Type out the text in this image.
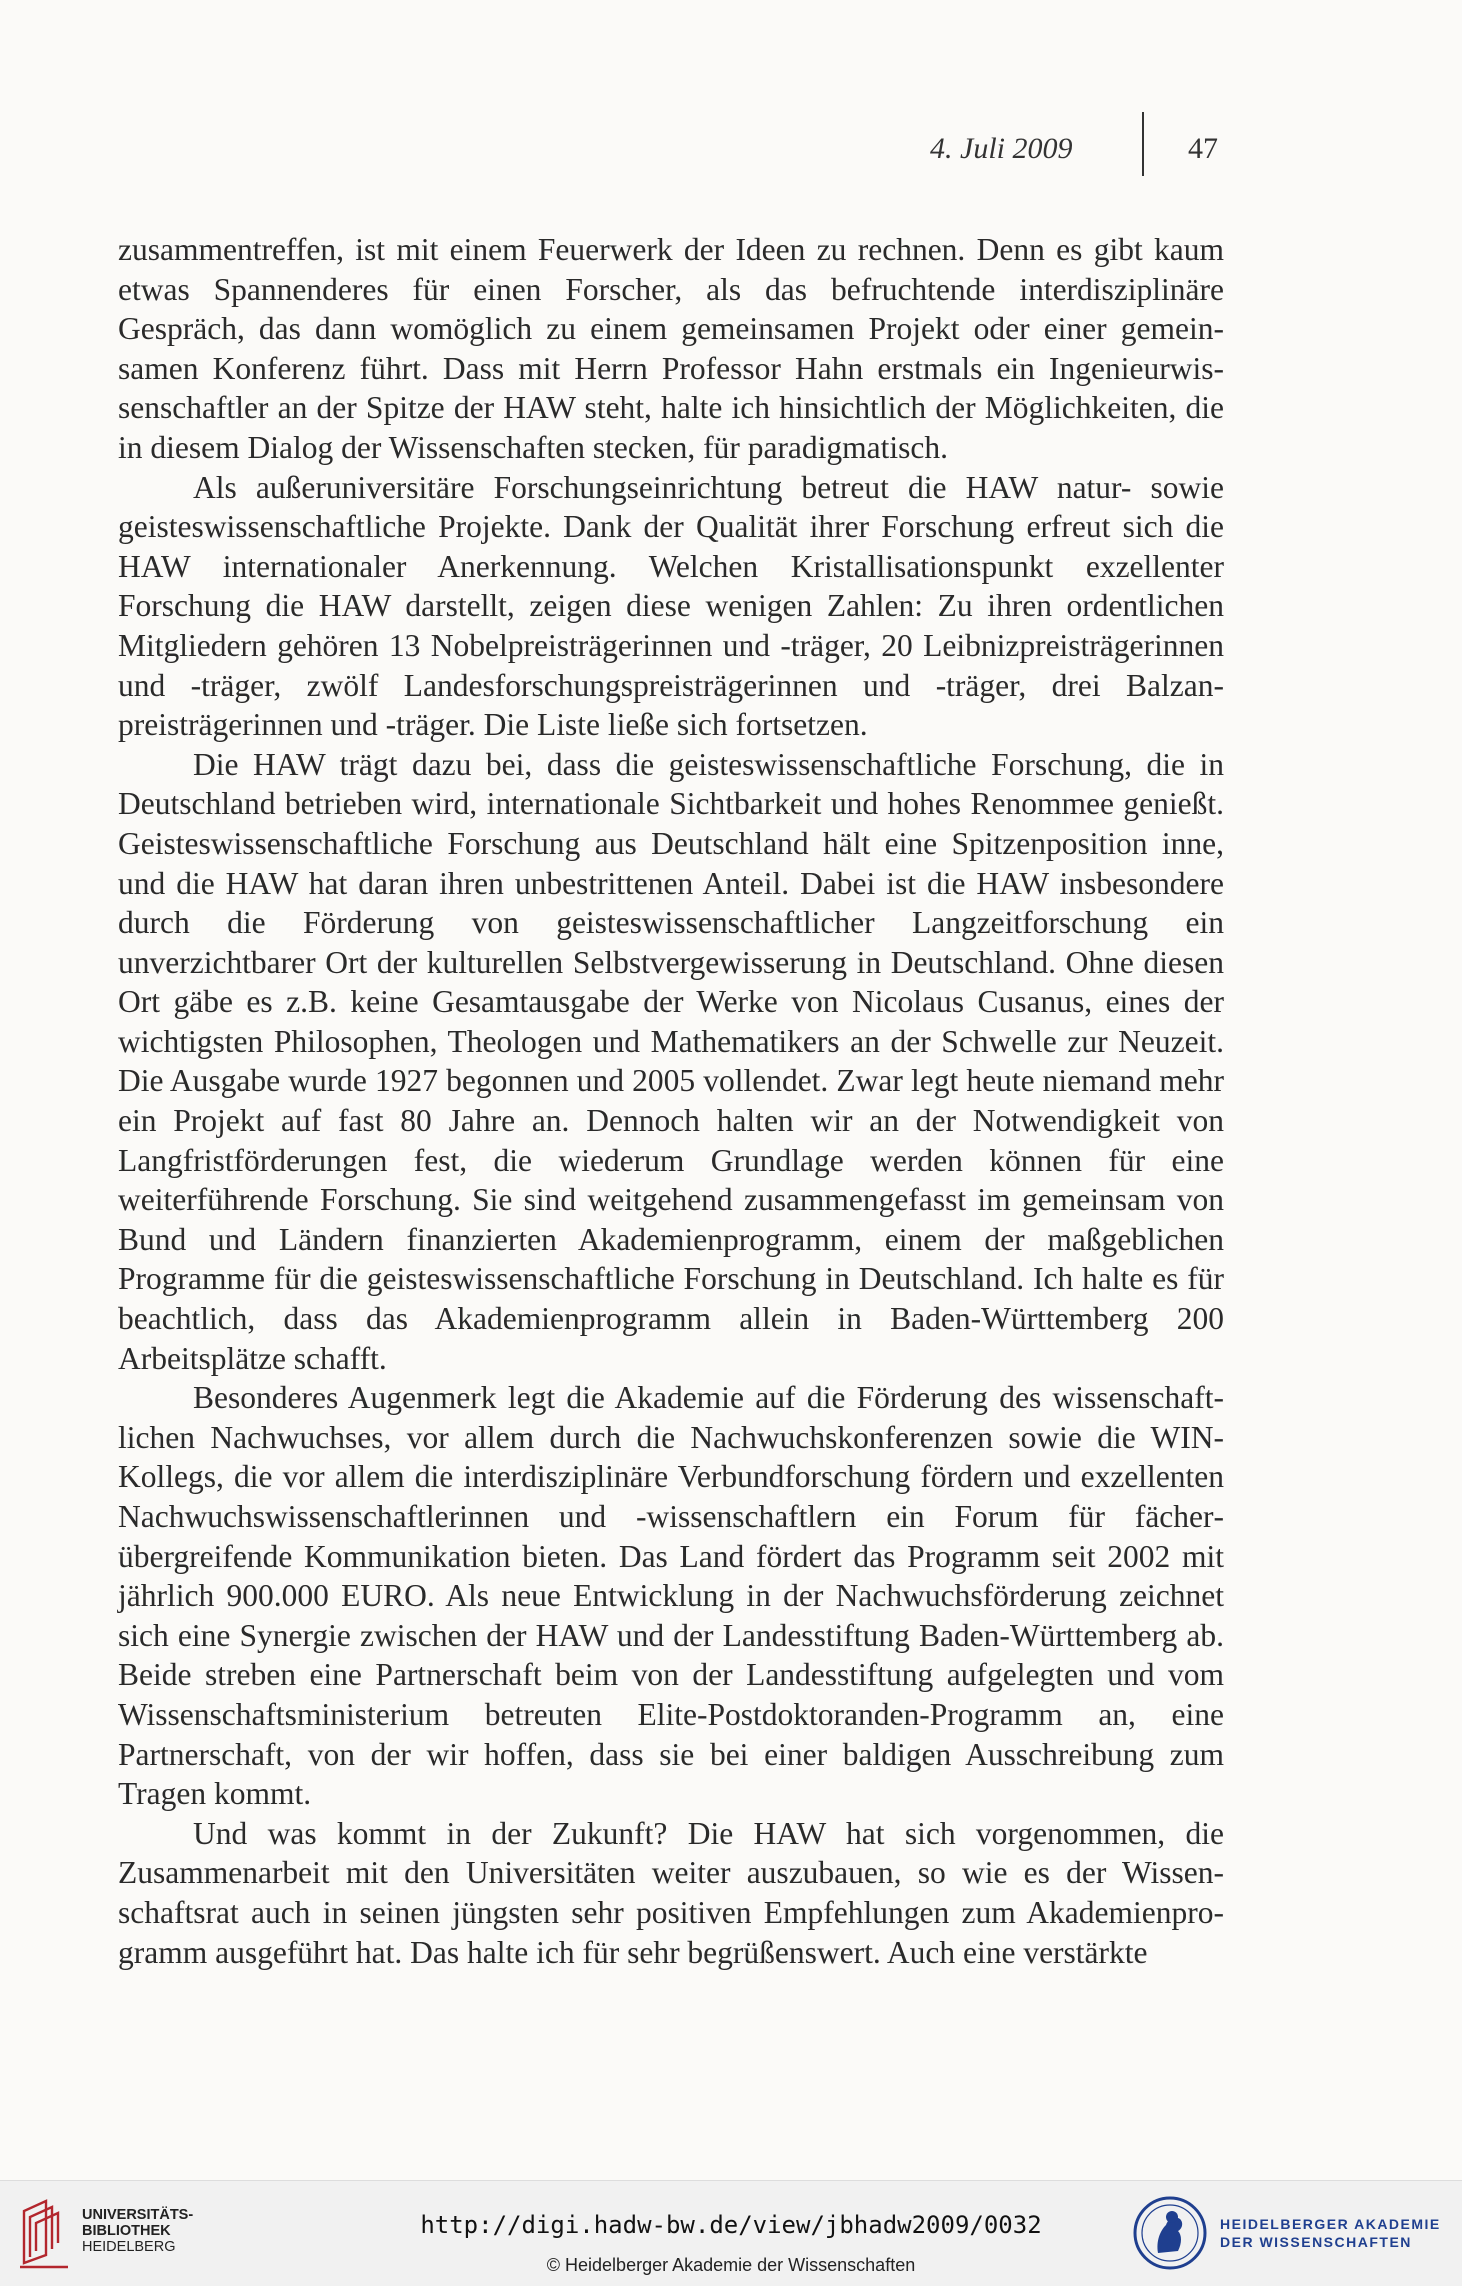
4. Juli 2009	47

zusammentreffen, ist mit einem Feuerwerk der Ideen zu rechnen. Denn es gibt kaum etwas Spannenderes für einen Forscher, als das befruchtende interdisziplinäre Gespräch, das dann womöglich zu einem gemeinsamen Projekt oder einer gemeinsamen Konferenz führt. Dass mit Herrn Professor Hahn erstmals ein Ingenieurwissenschaftler an der Spitze der HAW steht, halte ich hinsichtlich der Möglichkeiten, die in diesem Dialog der Wissenschaften stecken, für paradigmatisch.

Als außeruniversitäre Forschungseinrichtung betreut die HAW natur- sowie geisteswissenschaftliche Projekte. Dank der Qualität ihrer Forschung erfreut sich die HAW internationaler Anerkennung. Welchen Kristallisationspunkt exzellenter Forschung die HAW darstellt, zeigen diese wenigen Zahlen: Zu ihren ordentlichen Mitgliedern gehören 13 Nobelpreisträgerinnen und -träger, 20 Leibnizpreisträgerinnen und -träger, zwölf Landesforschungspreisträgerinnen und -träger, drei Balzanpreisträgerinnen und -träger. Die Liste ließe sich fortsetzen.

Die HAW trägt dazu bei, dass die geisteswissenschaftliche Forschung, die in Deutschland betrieben wird, internationale Sichtbarkeit und hohes Renommee genießt. Geisteswissenschaftliche Forschung aus Deutschland hält eine Spitzenposition inne, und die HAW hat daran ihren unbestrittenen Anteil. Dabei ist die HAW insbesondere durch die Förderung von geisteswissenschaftlicher Langzeitforschung ein unverzichtbarer Ort der kulturellen Selbstvergewisserung in Deutschland. Ohne diesen Ort gäbe es z.B. keine Gesamtausgabe der Werke von Nicolaus Cusanus, eines der wichtigsten Philosophen, Theologen und Mathematikers an der Schwelle zur Neuzeit. Die Ausgabe wurde 1927 begonnen und 2005 vollendet. Zwar legt heute niemand mehr ein Projekt auf fast 80 Jahre an. Dennoch halten wir an der Notwendigkeit von Langfristförderungen fest, die wiederum Grundlage werden können für eine weiterführende Forschung. Sie sind weitgehend zusammengefasst im gemeinsam von Bund und Ländern finanzierten Akademienprogramm, einem der maßgeblichen Programme für die geisteswissenschaftliche Forschung in Deutschland. Ich halte es für beachtlich, dass das Akademienprogramm allein in Baden-Württemberg 200 Arbeitsplätze schafft.

Besonderes Augenmerk legt die Akademie auf die Förderung des wissenschaftlichen Nachwuchses, vor allem durch die Nachwuchskonferenzen sowie die WIN-Kollegs, die vor allem die interdisziplinäre Verbundforschung fördern und exzellenten Nachwuchswissenschaftlerinnen und -wissenschaftlern ein Forum für fächerübergreifende Kommunikation bieten. Das Land fördert das Programm seit 2002 mit jährlich 900.000 EURO. Als neue Entwicklung in der Nachwuchsförderung zeichnet sich eine Synergie zwischen der HAW und der Landesstiftung Baden-Württemberg ab. Beide streben eine Partnerschaft beim von der Landesstiftung aufgelegten und vom Wissenschaftsministerium betreuten Elite-Postdoktoranden-Programm an, eine Partnerschaft, von der wir hoffen, dass sie bei einer baldigen Ausschreibung zum Tragen kommt.

Und was kommt in der Zukunft? Die HAW hat sich vorgenommen, die Zusammenarbeit mit den Universitäten weiter auszubauen, so wie es der Wissenschaftsrat auch in seinen jüngsten sehr positiven Empfehlungen zum Akademienprogramm ausgeführt hat. Das halte ich für sehr begrüßenswert. Auch eine verstärkte

UNIVERSITÄTS-
BIBLIOTHEK
HEIDELBERG
http://digi.hadw-bw.de/view/jbhadw2009/0032
© Heidelberger Akademie der Wissenschaften
HEIDELBERGER AKADEMIE
DER WISSENSCHAFTEN
